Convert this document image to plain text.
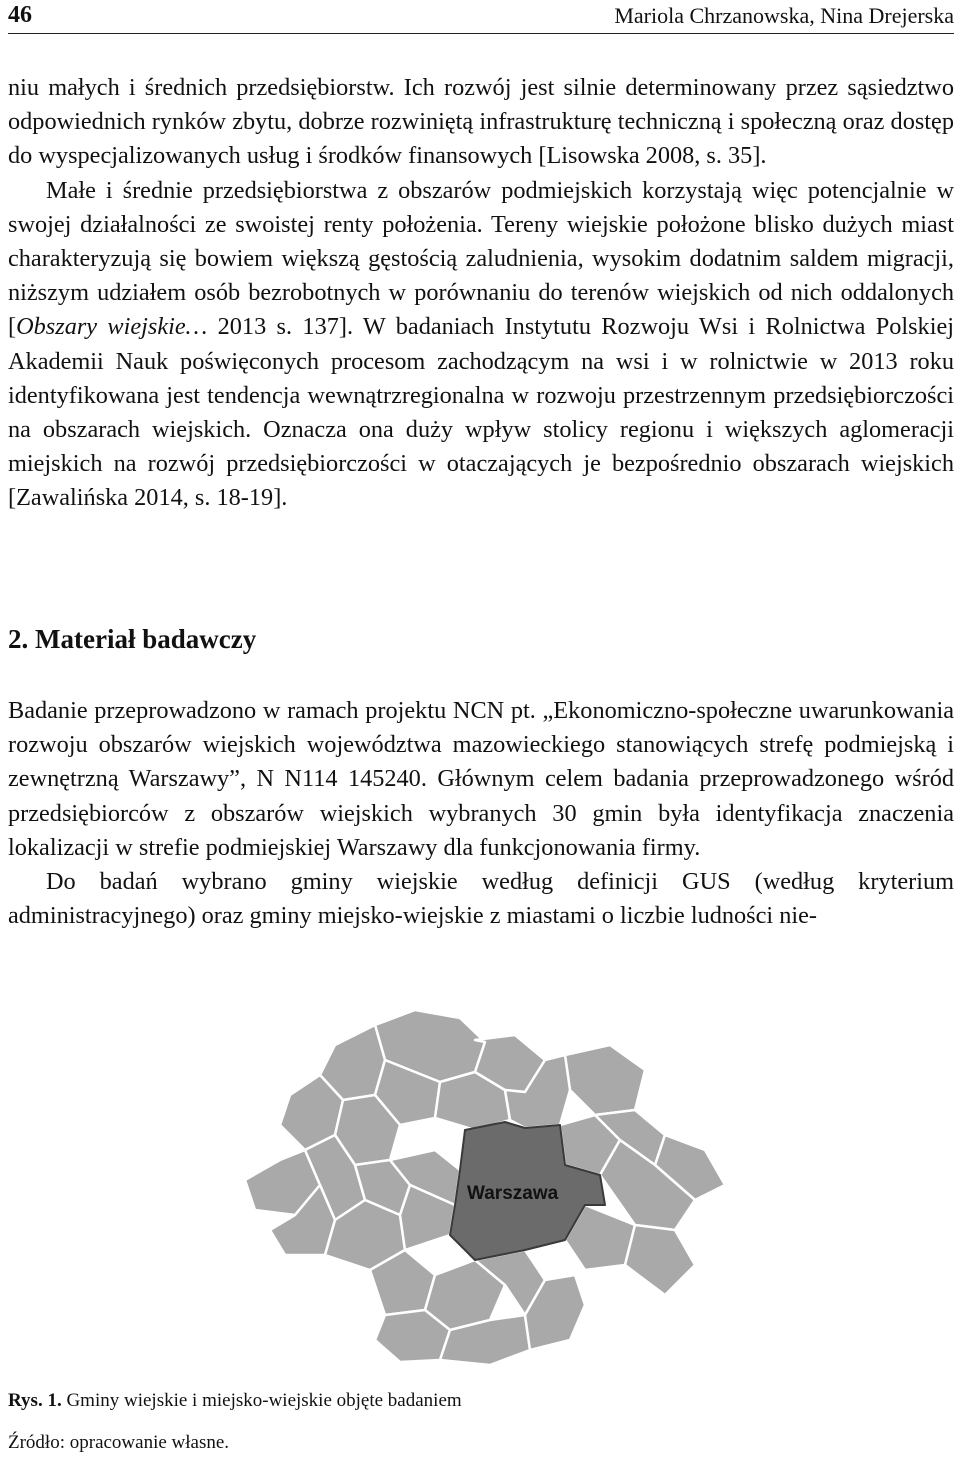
46	Mariola Chrzanowska, Nina Drejerska

niu małych i średnich przedsiębiorstw. Ich rozwój jest silnie determinowany przez sąsiedztwo odpowiednich rynków zbytu, dobrze rozwiniętą infrastrukturę techniczną i społeczną oraz dostęp do wyspecjalizowanych usług i środków finansowych [Lisowska 2008, s. 35].

Małe i średnie przedsiębiorstwa z obszarów podmiejskich korzystają więc potencjalnie w swojej działalności ze swoistej renty położenia. Tereny wiejskie położone blisko dużych miast charakteryzują się bowiem większą gęstością zaludnienia, wysokim dodatnim saldem migracji, niższym udziałem osób bezrobotnych w porównaniu do terenów wiejskich od nich oddalonych [Obszary wiejskie… 2013 s. 137]. W badaniach Instytutu Rozwoju Wsi i Rolnictwa Polskiej Akademii Nauk poświęconych procesom zachodzącym na wsi i w rolnictwie w 2013 roku identyfikowana jest tendencja wewnątrzregionalna w rozwoju przestrzennym przedsiębiorczości na obszarach wiejskich. Oznacza ona duży wpływ stolicy regionu i większych aglomeracji miejskich na rozwój przedsiębiorczości w otaczających je bezpośrednio obszarach wiejskich [Zawalińska 2014, s. 18-19].

2. Materiał badawczy

Badanie przeprowadzono w ramach projektu NCN pt. „Ekonomiczno-społeczne uwarunkowania rozwoju obszarów wiejskich województwa mazowieckiego stanowiących strefę podmiejską i zewnętrzną Warszawy”, N N114 145240. Głównym celem badania przeprowadzonego wśród przedsiębiorców z obszarów wiejskich wybranych 30 gmin była identyfikacja znaczenia lokalizacji w strefie podmiejskiej Warszawy dla funkcjonowania firmy.

Do badań wybrano gminy wiejskie według definicji GUS (według kryterium administracyjnego) oraz gminy miejsko-wiejskie z miastami o liczbie ludności nie-

Warszawa
Rys. 1. Gminy wiejskie i miejsko-wiejskie objęte badaniem
Źródło: opracowanie własne.
